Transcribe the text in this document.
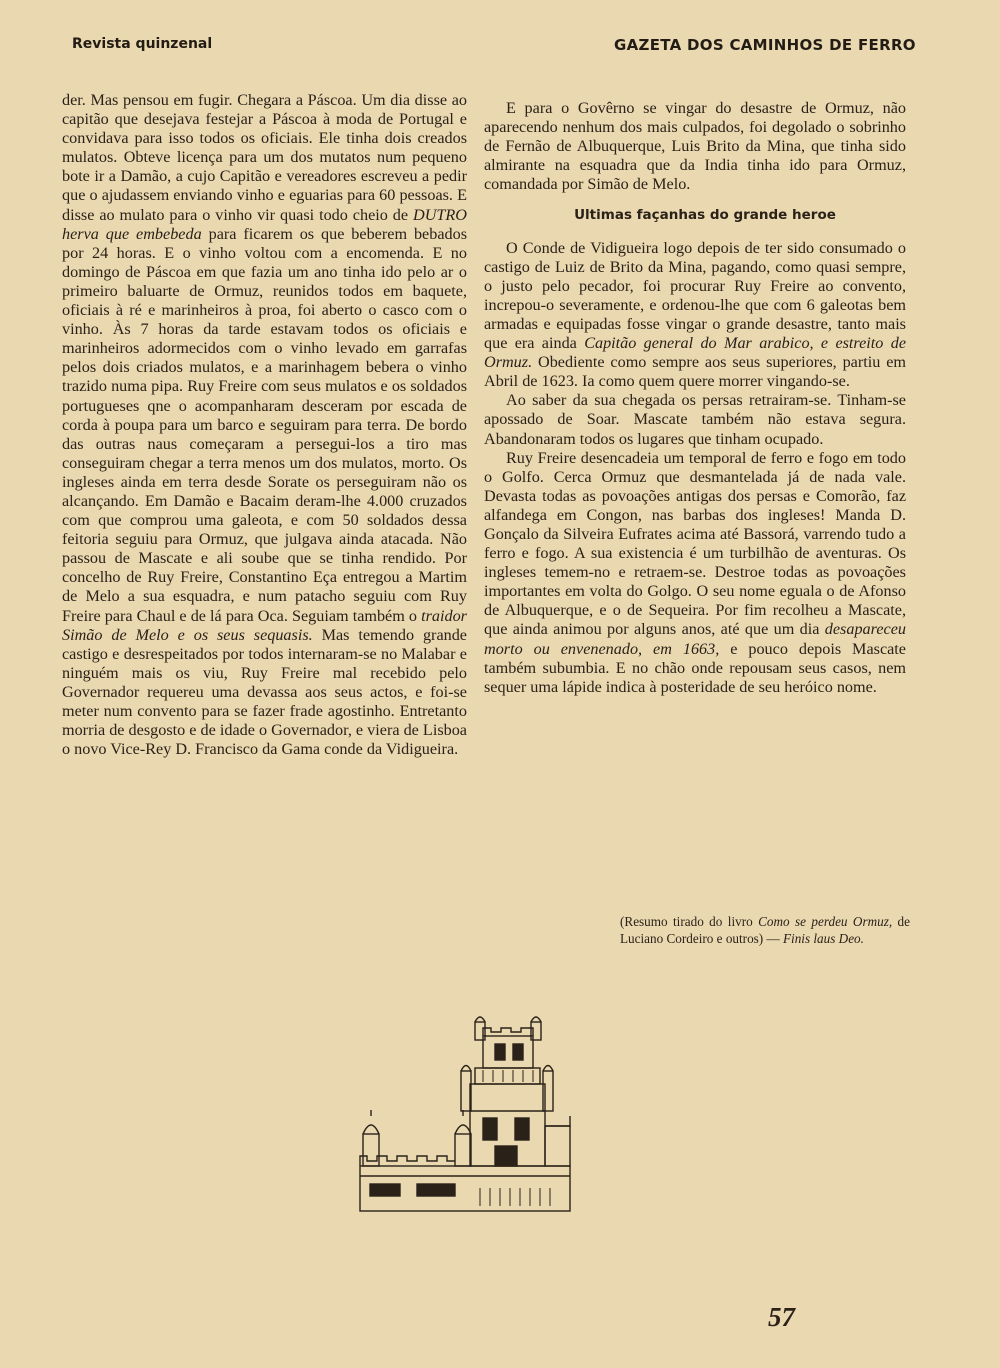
Revista quinzenal	GAZETA DOS CAMINHOS DE FERRO

der. Mas pensou em fugir. Chegara a Páscoa. Um dia disse ao capitão que desejava festejar a Páscoa à moda de Portugal e convidava para isso todos os oficiais. Ele tinha dois creados mulatos. Obteve licença para um dos mutatos num pequeno bote ir a Damão, a cujo Capitão e vereadores escreveu a pedir que o ajudassem enviando vinho e eguarias para 60 pessoas. E disse ao mulato para o vinho vir quasi todo cheio de DUTRO herva que embebeda para ficarem os que beberem bebados por 24 horas. E o vinho voltou com a encomenda. E no domingo de Páscoa em que fazia um ano tinha ido pelo ar o primeiro baluarte de Ormuz, reunidos todos em baquete, oficiais à ré e marinheiros à proa, foi aberto o casco com o vinho. Às 7 horas da tarde estavam todos os oficiais e marinheiros adormecidos com o vinho levado em garrafas pelos dois criados mulatos, e a marinhagem bebera o vinho trazido numa pipa. Ruy Freire com seus mulatos e os soldados portugueses qne o acompanharam desceram por escada de corda à poupa para um barco e seguiram para terra. De bordo das outras naus começaram a persegui-los a tiro mas conseguiram chegar a terra menos um dos mulatos, morto. Os ingleses ainda em terra desde Sorate os perseguiram não os alcançando. Em Damão e Bacaim deram-lhe 4.000 cruzados com que comprou uma galeota, e com 50 soldados dessa feitoria seguiu para Ormuz, que julgava ainda atacada. Não passou de Mascate e ali soube que se tinha rendido. Por concelho de Ruy Freire, Constantino Eça entregou a Martim de Melo a sua esquadra, e num patacho seguiu com Ruy Freire para Chaul e de lá para Oca. Seguiam também o traidor Simão de Melo e os seus sequasis. Mas temendo grande castigo e desrespeitados por todos internaram-se no Malabar e ninguém mais os viu, Ruy Freire mal recebido pelo Governador requereu uma devassa aos seus actos, e foi-se meter num convento para se fazer frade agostinho. Entretanto morria de desgosto e de idade o Governador, e viera de Lisboa o novo Vice-Rey D. Francisco da Gama conde da Vidigueira.

E para o Govêrno se vingar do desastre de Ormuz, não aparecendo nenhum dos mais culpados, foi degolado o sobrinho de Fernão de Albuquerque, Luis Brito da Mina, que tinha sido almirante na esquadra que da India tinha ido para Ormuz, comandada por Simão de Melo.

Ultimas façanhas do grande heroe

O Conde de Vidigueira logo depois de ter sido consumado o castigo de Luiz de Brito da Mina, pagando, como quasi sempre, o justo pelo pecador, foi procurar Ruy Freire ao convento, increpou-o severamente, e ordenou-lhe que com 6 galeotas bem armadas e equipadas fosse vingar o grande desastre, tanto mais que era ainda Capitão general do Mar arabico, e estreito de Ormuz. Obediente como sempre aos seus superiores, partiu em Abril de 1623. Ia como quem quere morrer vingando-se.

Ao saber da sua chegada os persas retrairam-se. Tinham-se apossado de Soar. Mascate também não estava segura. Abandonaram todos os lugares que tinham ocupado.

Ruy Freire desencadeia um temporal de ferro e fogo em todo o Golfo. Cerca Ormuz que desmantelada já de nada vale. Devasta todas as povoações antigas dos persas e Comorão, faz alfandega em Congon, nas barbas dos ingleses! Manda D. Gonçalo da Silveira Eufrates acima até Bassorá, varrendo tudo a ferro e fogo. A sua existencia é um turbilhão de aventuras. Os ingleses temem-no e retraem-se. Destroe todas as povoações importantes em volta do Golgo. O seu nome eguala o de Afonso de Albuquerque, e o de Sequeira. Por fim recolheu a Mascate, que ainda animou por alguns anos, até que um dia desapareceu morto ou envenenado, em 1663, e pouco depois Mascate também subumbia. E no chão onde repousam seus casos, nem sequer uma lápide indica à posteridade de seu heróico nome.

(Resumo tirado do livro Como se perdeu Ormuz, de Luciano Cordeiro e outros) — Finis laus Deo.
57
